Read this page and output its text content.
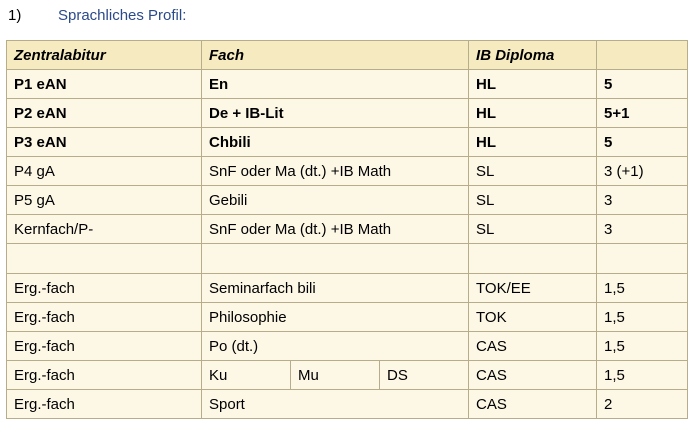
1) Sprachliches Profil:
Zentralabitur	Fach			IB Diploma	
P1 eAN	En			HL	5
P2 eAN	De + IB-Lit			HL	5+1
P3 eAN	Chbili			HL	5
P4 gA	SnF oder Ma (dt.) +IB Math			SL	3 (+1)
P5 gA	Gebili			SL	3
Kernfach/P-	SnF oder Ma (dt.) +IB Math			SL	3

Erg.-fach	Seminarfach bili			TOK/EE	1,5
Erg.-fach	Philosophie			TOK	1,5
Erg.-fach	Po (dt.)			CAS	1,5
Erg.-fach	Ku	Mu	DS	CAS	1,5
Erg.-fach	Sport			CAS	2
